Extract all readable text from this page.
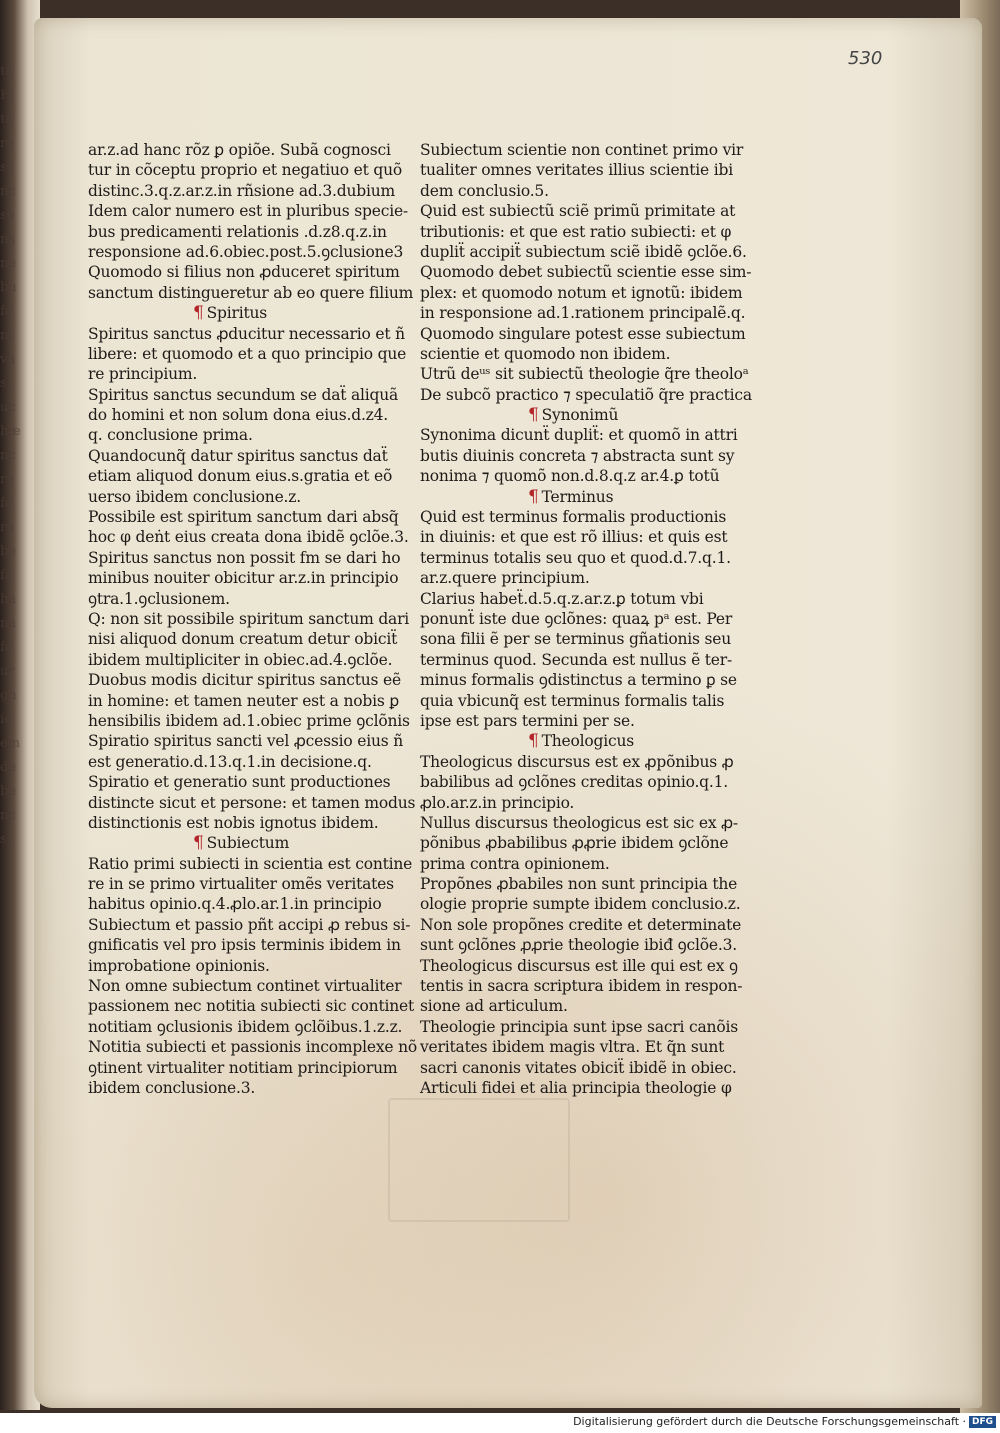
ta
Fi
ta
re
sc
nc
so
ns
ne
bu
fo
nt
va
s.
uc
hæ
nc
re
fo
ro
be
fa
ha
na
fo
ur
gn
ic
em
de
be
nc
s.
530
ar.z.ad hanc rõz ꝑ opiõe. Subã cognosci
tur in cõceptu proprio et negatiuo et quõ
distinc.3.q.z.ar.z.in rñsione ad.3.dubium
Idem calor numero est in pluribus specie-
bus predicamenti relationis .d.z8.q.z.in
responsione ad.6.obiec.post.5.ꝯclusione3
Quomodo si filius non ꝓduceret spiritum
sanctum distingueretur ab eo quere filium
¶ Spiritus
Spiritus sanctus ꝓducitur necessario et ñ
libere: et quomodo et a quo principio que
re principium.
Spiritus sanctus secundum se daẗ aliquã
do homini et non solum dona eius.d.z4.
q. conclusione prima.
Quandocunq̃ datur spiritus sanctus daẗ
etiam aliquod donum eius.s.gratia et eõ
uerso ibidem conclusione.z.
Possibile est spiritum sanctum dari absq̃
hoc φ deṅt eius creata dona ibidẽ ꝯclõe.3.
Spiritus sanctus non possit fm se dari ho
minibus nouiter obicitur ar.z.in principio
ꝯtra.1.ꝯclusionem.
Q: non sit possibile spiritum sanctum dari
nisi aliquod donum creatum detur obiciẗ
ibidem multipliciter in obiec.ad.4.ꝯclõe.
Duobus modis dicitur spiritus sanctus eẽ
in homine: et tamen neuter est a nobis ꝑ
hensibilis ibidem ad.1.obiec prime ꝯclõnis
Spiratio spiritus sancti vel ꝓcessio eius ñ
est generatio.d.13.q.1.in decisione.q.
Spiratio et generatio sunt productiones
distincte sicut et persone: et tamen modus
distinctionis est nobis ignotus ibidem.
¶ Subiectum
Ratio primi subiecti in scientia est contine
re in se primo virtualiter omẽs veritates
habitus opinio.q.4.ꝓlo.ar.1.in principio
Subiectum et passio pñt accipi ꝓ rebus si-
gnificatis vel pro ipsis terminis ibidem in
improbatione opinionis.
Non omne subiectum continet virtualiter
passionem nec notitia subiecti sic continet
notitiam ꝯclusionis ibidem ꝯclõibus.1.z.z.
Notitia subiecti et passionis incomplexe nõ
ꝯtinent virtualiter notitiam principiorum
ibidem conclusione.3.
Subiectum scientie non continet primo vir
tualiter omnes veritates illius scientie ibi
dem conclusio.5.
Quid est subiectũ sciẽ primũ primitate at
tributionis: et que est ratio subiecti: et φ
dupliẗ accipiẗ subiectum sciẽ ibidẽ ꝯclõe.6.
Quomodo debet subiectũ scientie esse sim-
plex: et quomodo notum et ignotũ: ibidem
in responsione ad.1.rationem principalẽ.q.
Quomodo singulare potest esse subiectum
scientie et quomodo non ibidem.
Utrũ deᵘˢ sit subiectũ theologie q̃re theoloᵃ
De subcõ practico ⁊ speculatiõ q̃re practica
¶ Synonimũ
Synonima dicunẗ dupliẗ: et quomõ in attri
butis diuinis concreta ⁊ abstracta sunt sy
nonima ⁊ quomõ non.d.8.q.z ar.4.ꝑ totũ
¶ Terminus
Quid est terminus formalis productionis
in diuinis: et que est rõ illius: et quis est
terminus totalis seu quo et quod.d.7.q.1.
ar.z.quere principium.
Clarius habeẗ.d.5.q.z.ar.z.ꝑ totum vbi
ponunẗ iste due ꝯclõnes: quaꝝ pᵃ est. Per
sona filii ẽ per se terminus gñationis seu
terminus quod. Secunda est nullus ẽ ter-
minus formalis ꝯdistinctus a termino ꝑ se
quia vbicunq̃ est terminus formalis talis
ipse est pars termini per se.
¶ Theologicus
Theologicus discursus est ex ꝓpõnibus ꝓ
babilibus ad ꝯclõnes creditas opinio.q.1.
ꝓlo.ar.z.in principio.
Nullus discursus theologicus est sic ex ꝓ-
põnibus ꝓbabilibus ꝓꝓrie ibidem ꝯclõne
prima contra opinionem.
Propõnes ꝓbabiles non sunt principia the
ologie proprie sumpte ibidem conclusio.z.
Non sole propõnes credite et determinate
sunt ꝯclõnes ꝓꝓrie theologie ibiđ ꝯclõe.3.
Theologicus discursus est ille qui est ex ꝯ
tentis in sacra scriptura ibidem in respon-
sione ad articulum.
Theologie principia sunt ipse sacri canõis
veritates ibidem magis vltra. Et q̃n sunt
sacri canonis vitates obiciẗ ibidẽ in obiec.
Articuli fidei et alia principia theologie φ
Digitalisierung gefördert durch die Deutsche Forschungsgemeinschaft · DFG
